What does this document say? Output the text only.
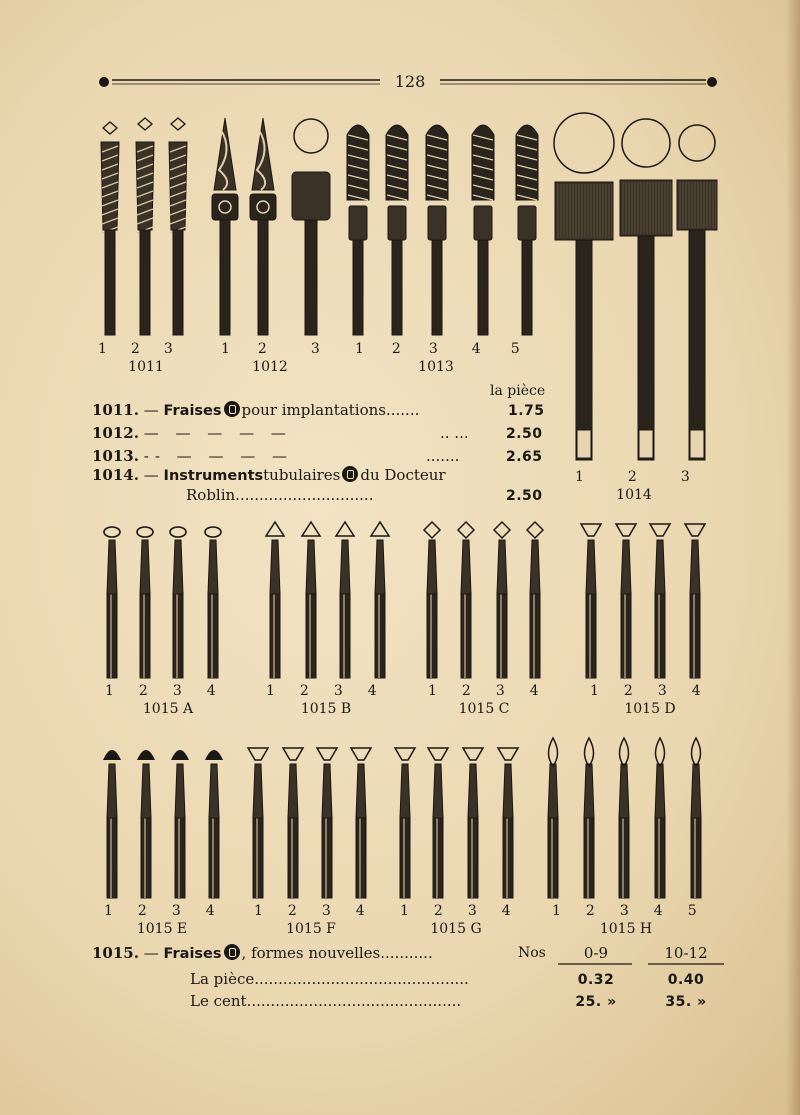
128
1 2 3
1011
1 2	3
1012
1 2 3 4 5
1013
1	2	3
1014
la pièce
1011. — Fraises pour implantations.......	1.75
1012. — — — — —	.. ...	2.50
1013. -- — — — —	.......	2.65
1014. — Instrumentstubulaires du Docteur
Roblin.............................	2.50
1 2 3 4
1015 A
1 2 3 4
1015 B
1 2 3 4
1015 C
1 2 3 4
1015 D
1 2 3 4
1015 E
1 2 3 4
1015 F
1 2 3 4
1015 G
1 2 3 4 5
1015 H
1015. — Fraises , formes nouvelles...........	Nos	0-9	10-12
La pièce.............................................	0.32	0.40
Le cent.............................................	25. »	35. »
